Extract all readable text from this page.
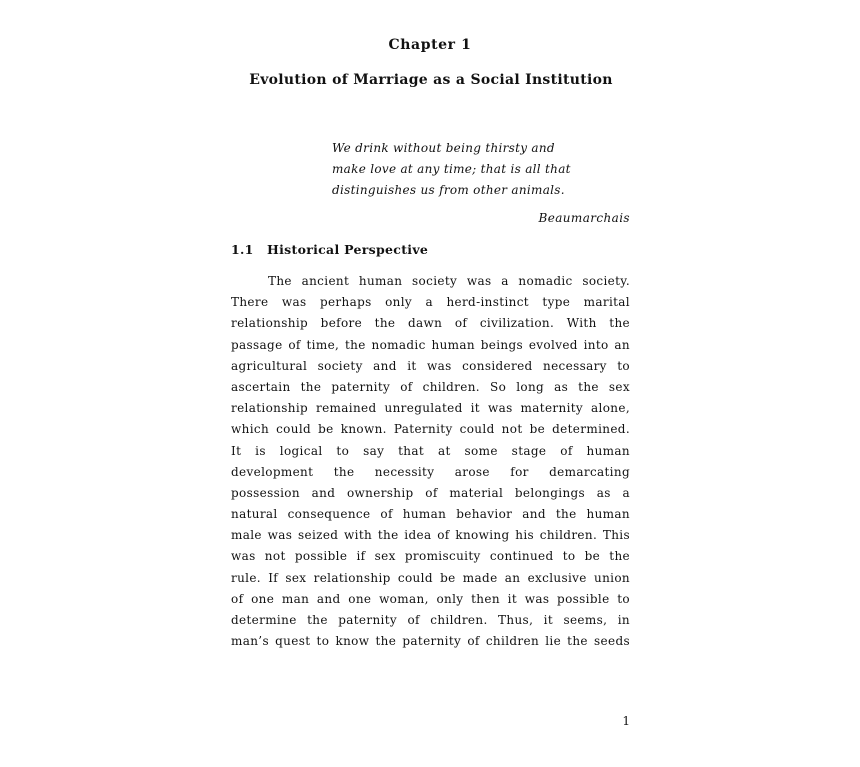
Chapter 1
Evolution of Marriage as a Social Institution
We drink without being thirsty and
make love at any time; that is all that
distinguishes us from other animals.
Beaumarchais
1.1 Historical Perspective
The ancient human society was a nomadic society.
There was perhaps only a herd-instinct type marital
relationship before the dawn of civilization. With the
passage of time, the nomadic human beings evolved into an
agricultural society and it was considered necessary to
ascertain the paternity of children. So long as the sex
relationship remained unregulated it was maternity alone,
which could be known. Paternity could not be determined.
It is logical to say that at some stage of human
development the necessity arose for demarcating
possession and ownership of material belongings as a
natural consequence of human behavior and the human
male was seized with the idea of knowing his children. This
was not possible if sex promiscuity continued to be the
rule. If sex relationship could be made an exclusive union
of one man and one woman, only then it was possible to
determine the paternity of children. Thus, it seems, in
man’s quest to know the paternity of children lie the seeds
1
